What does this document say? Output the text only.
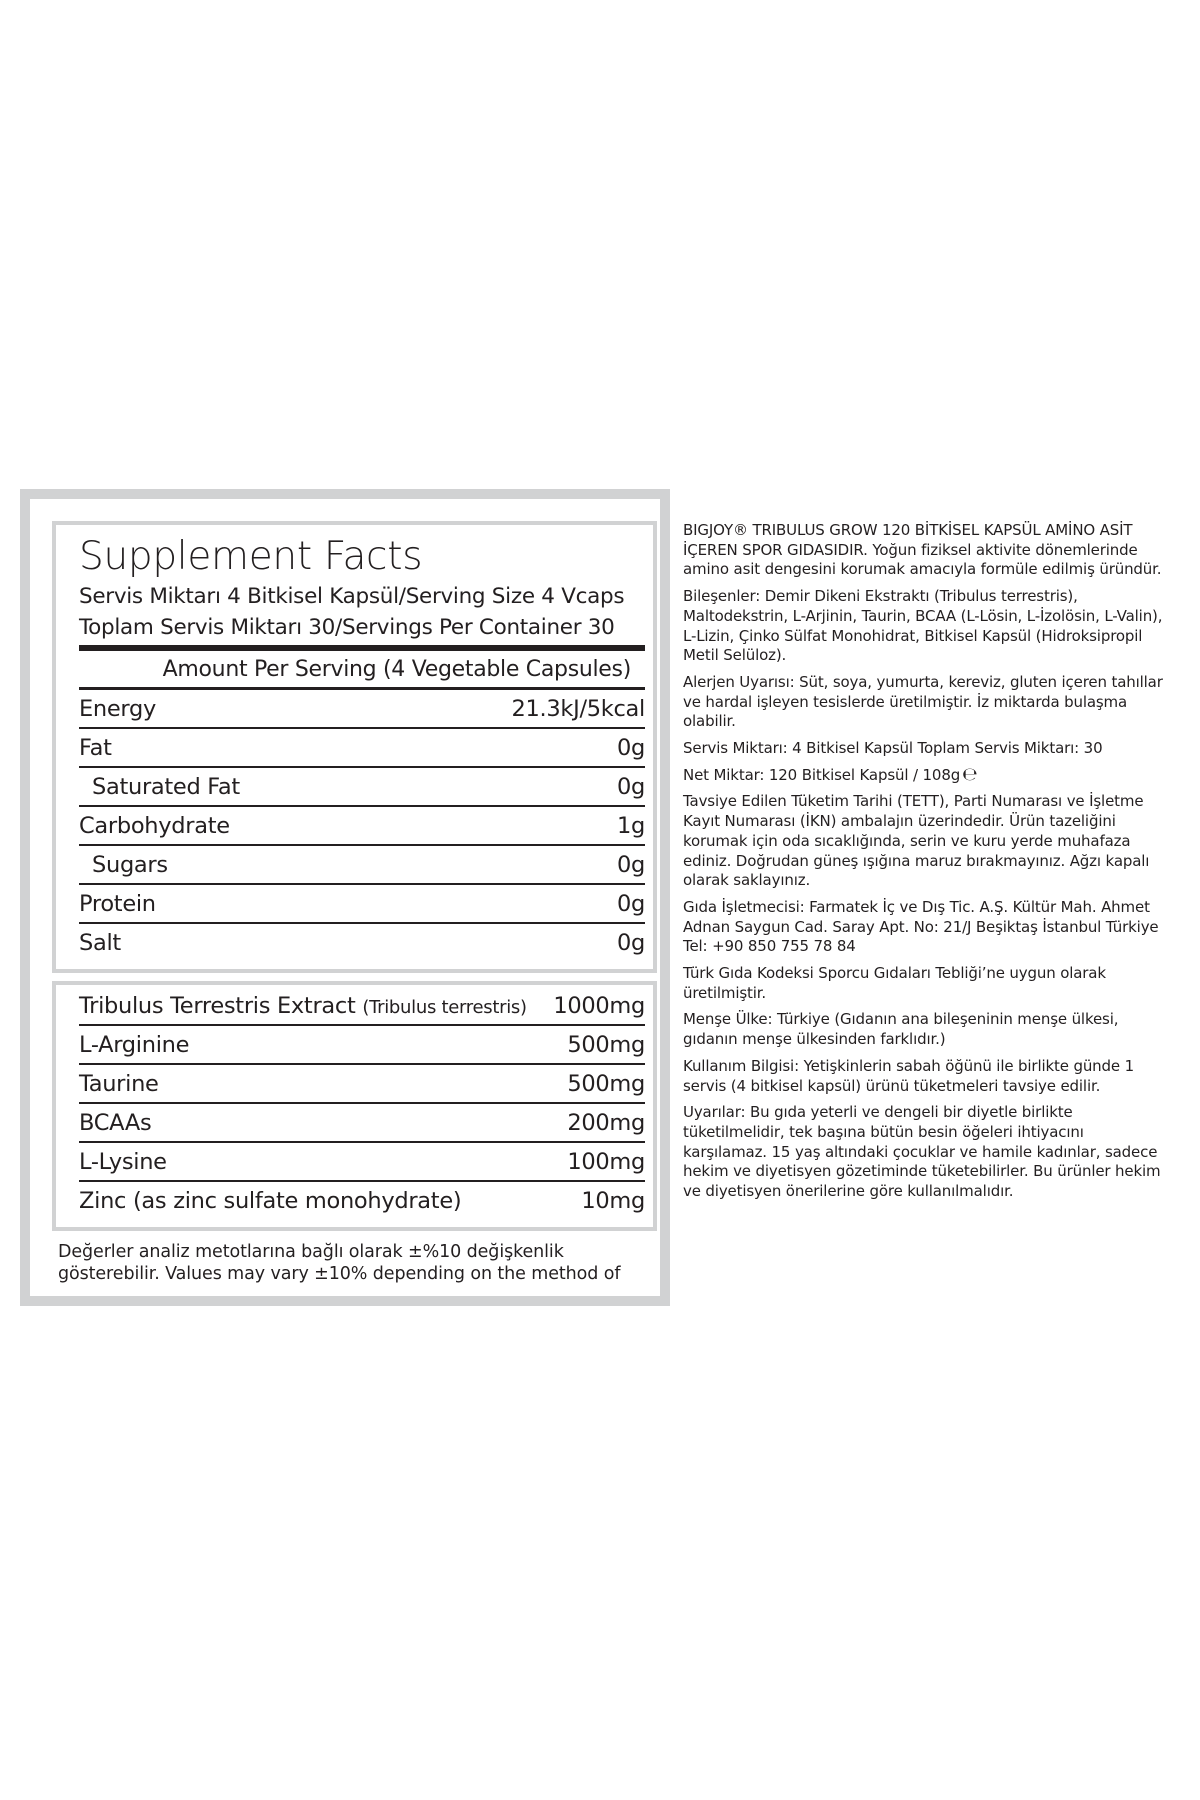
Supplement Facts
Servis Miktarı 4 Bitkisel Kapsül/Serving Size 4 Vcaps
Toplam Servis Miktarı 30/Servings Per Container 30
Amount Per Serving (4 Vegetable Capsules)
Energy	21.3kJ/5kcal
Fat	0g
Saturated Fat	0g
Carbohydrate	1g
Sugars	0g
Protein	0g
Salt	0g
Tribulus Terrestris Extract (Tribulus terrestris) 1000mg
L-Arginine	500mg
Taurine	500mg
BCAAs	200mg
L-Lysine	100mg
Zinc (as zinc sulfate monohydrate)	10mg
Değerler analiz metotlarına bağlı olarak ±%10 değişkenlik
gösterebilir. Values may vary ±10% depending on the method of

BIGJOY® TRIBULUS GROW 120 BİTKİSEL KAPSÜL AMİNO ASİT İÇEREN SPOR GIDASIDIR. Yoğun fiziksel aktivite dönemlerinde amino asit dengesini korumak amacıyla formüle edilmiş üründür.

Bileşenler: Demir Dikeni Ekstraktı (Tribulus terrestris), Maltodekstrin, L-Arjinin, Taurin, BCAA (L-Lösin, L-İzolösin, L-Valin), L-Lizin, Çinko Sülfat Monohidrat, Bitkisel Kapsül (Hidroksipropil Metil Selüloz).

Alerjen Uyarısı: Süt, soya, yumurta, kereviz, gluten içeren tahıllar ve hardal işleyen tesislerde üretilmiştir. İz miktarda bulaşma olabilir.

Servis Miktarı: 4 Bitkisel Kapsül Toplam Servis Miktarı: 30

Net Miktar: 120 Bitkisel Kapsül / 108g ℮

Tavsiye Edilen Tüketim Tarihi (TETT), Parti Numarası ve İşletme Kayıt Numarası (İKN) ambalajın üzerindedir. Ürün tazeliğini korumak için oda sıcaklığında, serin ve kuru yerde muhafaza ediniz. Doğrudan güneş ışığına maruz bırakmayınız. Ağzı kapalı olarak saklayınız.

Gıda İşletmecisi: Farmatek İç ve Dış Tic. A.Ş. Kültür Mah. Ahmet Adnan Saygun Cad. Saray Apt. No: 21/J Beşiktaş İstanbul Türkiye Tel: +90 850 755 78 84

Türk Gıda Kodeksi Sporcu Gıdaları Tebliği’ne uygun olarak üretilmiştir.

Menşe Ülke: Türkiye (Gıdanın ana bileşeninin menşe ülkesi, gıdanın menşe ülkesinden farklıdır.)

Kullanım Bilgisi: Yetişkinlerin sabah öğünü ile birlikte günde 1 servis (4 bitkisel kapsül) ürünü tüketmeleri tavsiye edilir.

Uyarılar: Bu gıda yeterli ve dengeli bir diyetle birlikte tüketilmelidir, tek başına bütün besin öğeleri ihtiyacını karşılamaz. 15 yaş altındaki çocuklar ve hamile kadınlar, sadece hekim ve diyetisyen gözetiminde tüketebilirler. Bu ürünler hekim ve diyetisyen önerilerine göre kullanılmalıdır.
